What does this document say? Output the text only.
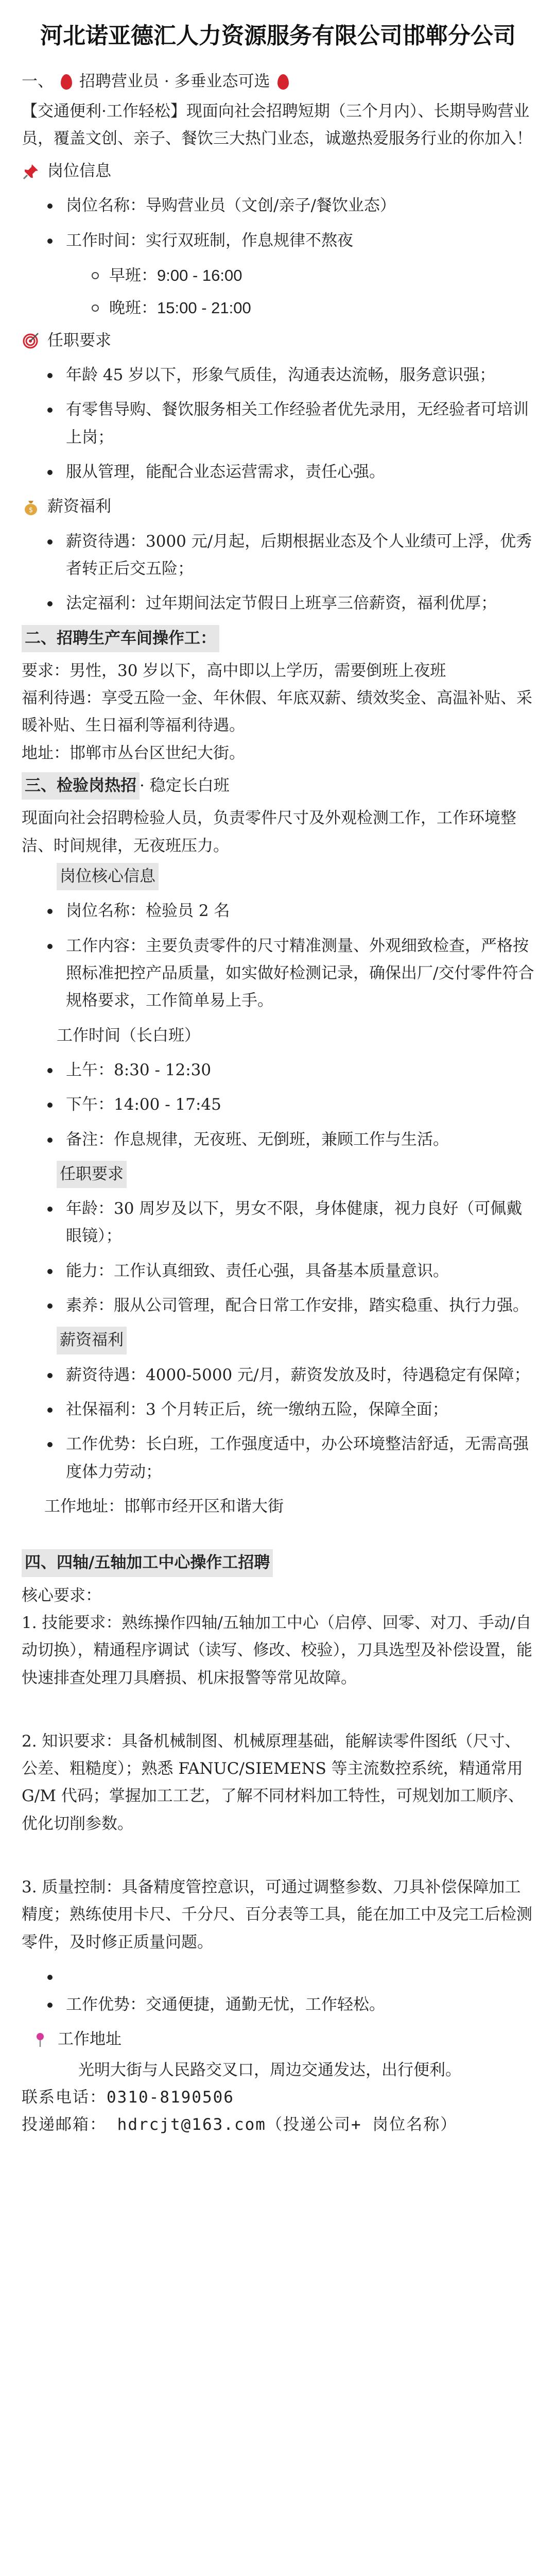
河北诺亚德汇人力资源服务有限公司邯郸分公司
一、 招聘营业员 · 多垂业态可选

【交通便利·工作轻松】现面向社会招聘短期（三个月内）、长期导购营业员，覆盖文创、亲子、餐饮三大热门业态，诚邀热爱服务行业的你加入！

岗位信息
岗位名称：导购营业员（文创/亲子/餐饮业态）
工作时间：实行双班制，作息规律不熬夜
早班：9:00 - 16:00
晚班：15:00 - 21:00
任职要求
年龄 45 岁以下，形象气质佳，沟通表达流畅，服务意识强；
有零售导购、餐饮服务相关工作经验者优先录用，无经验者可培训上岗；
服从管理，能配合业态运营需求，责任心强。
$ 薪资福利
薪资待遇：3000 元/月起，后期根据业态及个人业绩可上浮，优秀者转正后交五险；
法定福利：过年期间法定节假日上班享三倍薪资，福利优厚；
二、招聘生产车间操作工：

要求：男性，30 岁以下，高中即以上学历，需要倒班上夜班

福利待遇：享受五险一金、年休假、年底双薪、绩效奖金、高温补贴、采暖补贴、生日福利等福利待遇。

地址：邯郸市丛台区世纪大街。

三、检验岗热招 · 稳定长白班

现面向社会招聘检验人员，负责零件尺寸及外观检测工作，工作环境整洁、时间规律，无夜班压力。

岗位核心信息
岗位名称：检验员 2 名
工作内容：主要负责零件的尺寸精准测量、外观细致检查，严格按照标准把控产品质量，如实做好检测记录，确保出厂/交付零件符合规格要求，工作简单易上手。
工作时间（长白班）
上午：8:30 - 12:30
下午：14:00 - 17:45
备注：作息规律，无夜班、无倒班，兼顾工作与生活。
任职要求
年龄：30 周岁及以下，男女不限，身体健康，视力良好（可佩戴眼镜）；
能力：工作认真细致、责任心强，具备基本质量意识。
素养：服从公司管理，配合日常工作安排，踏实稳重、执行力强。
薪资福利
薪资待遇：4000-5000 元/月，薪资发放及时，待遇稳定有保障；
社保福利：3 个月转正后，统一缴纳五险，保障全面；
工作优势：长白班，工作强度适中，办公环境整洁舒适，无需高强度体力劳动；

工作地址：邯郸市经开区和谐大街

四、四轴/五轴加工中心操作工招聘

核心要求：

1. 技能要求：熟练操作四轴/五轴加工中心（启停、回零、对刀、手动/自动切换），精通程序调试（读写、修改、校验），刀具选型及补偿设置，能快速排查处理刀具磨损、机床报警等常见故障。

2. 知识要求：具备机械制图、机械原理基础，能解读零件图纸（尺寸、公差、粗糙度）；熟悉 FANUC/SIEMENS 等主流数控系统，精通常用 G/M 代码；掌握加工工艺，了解不同材料加工特性，可规划加工顺序、优化切削参数。

3. 质量控制：具备精度管控意识，可通过调整参数、刀具补偿保障加工精度；熟练使用卡尺、千分尺、百分表等工具，能在加工中及完工后检测零件，及时修正质量问题。

工作优势：交通便捷，通勤无忧，工作轻松。
工作地址

光明大街与人民路交叉口，周边交通发达，出行便利。

联系电话：0310-8190506

投递邮箱： hdrcjt@163.com（投递公司+ 岗位名称）
